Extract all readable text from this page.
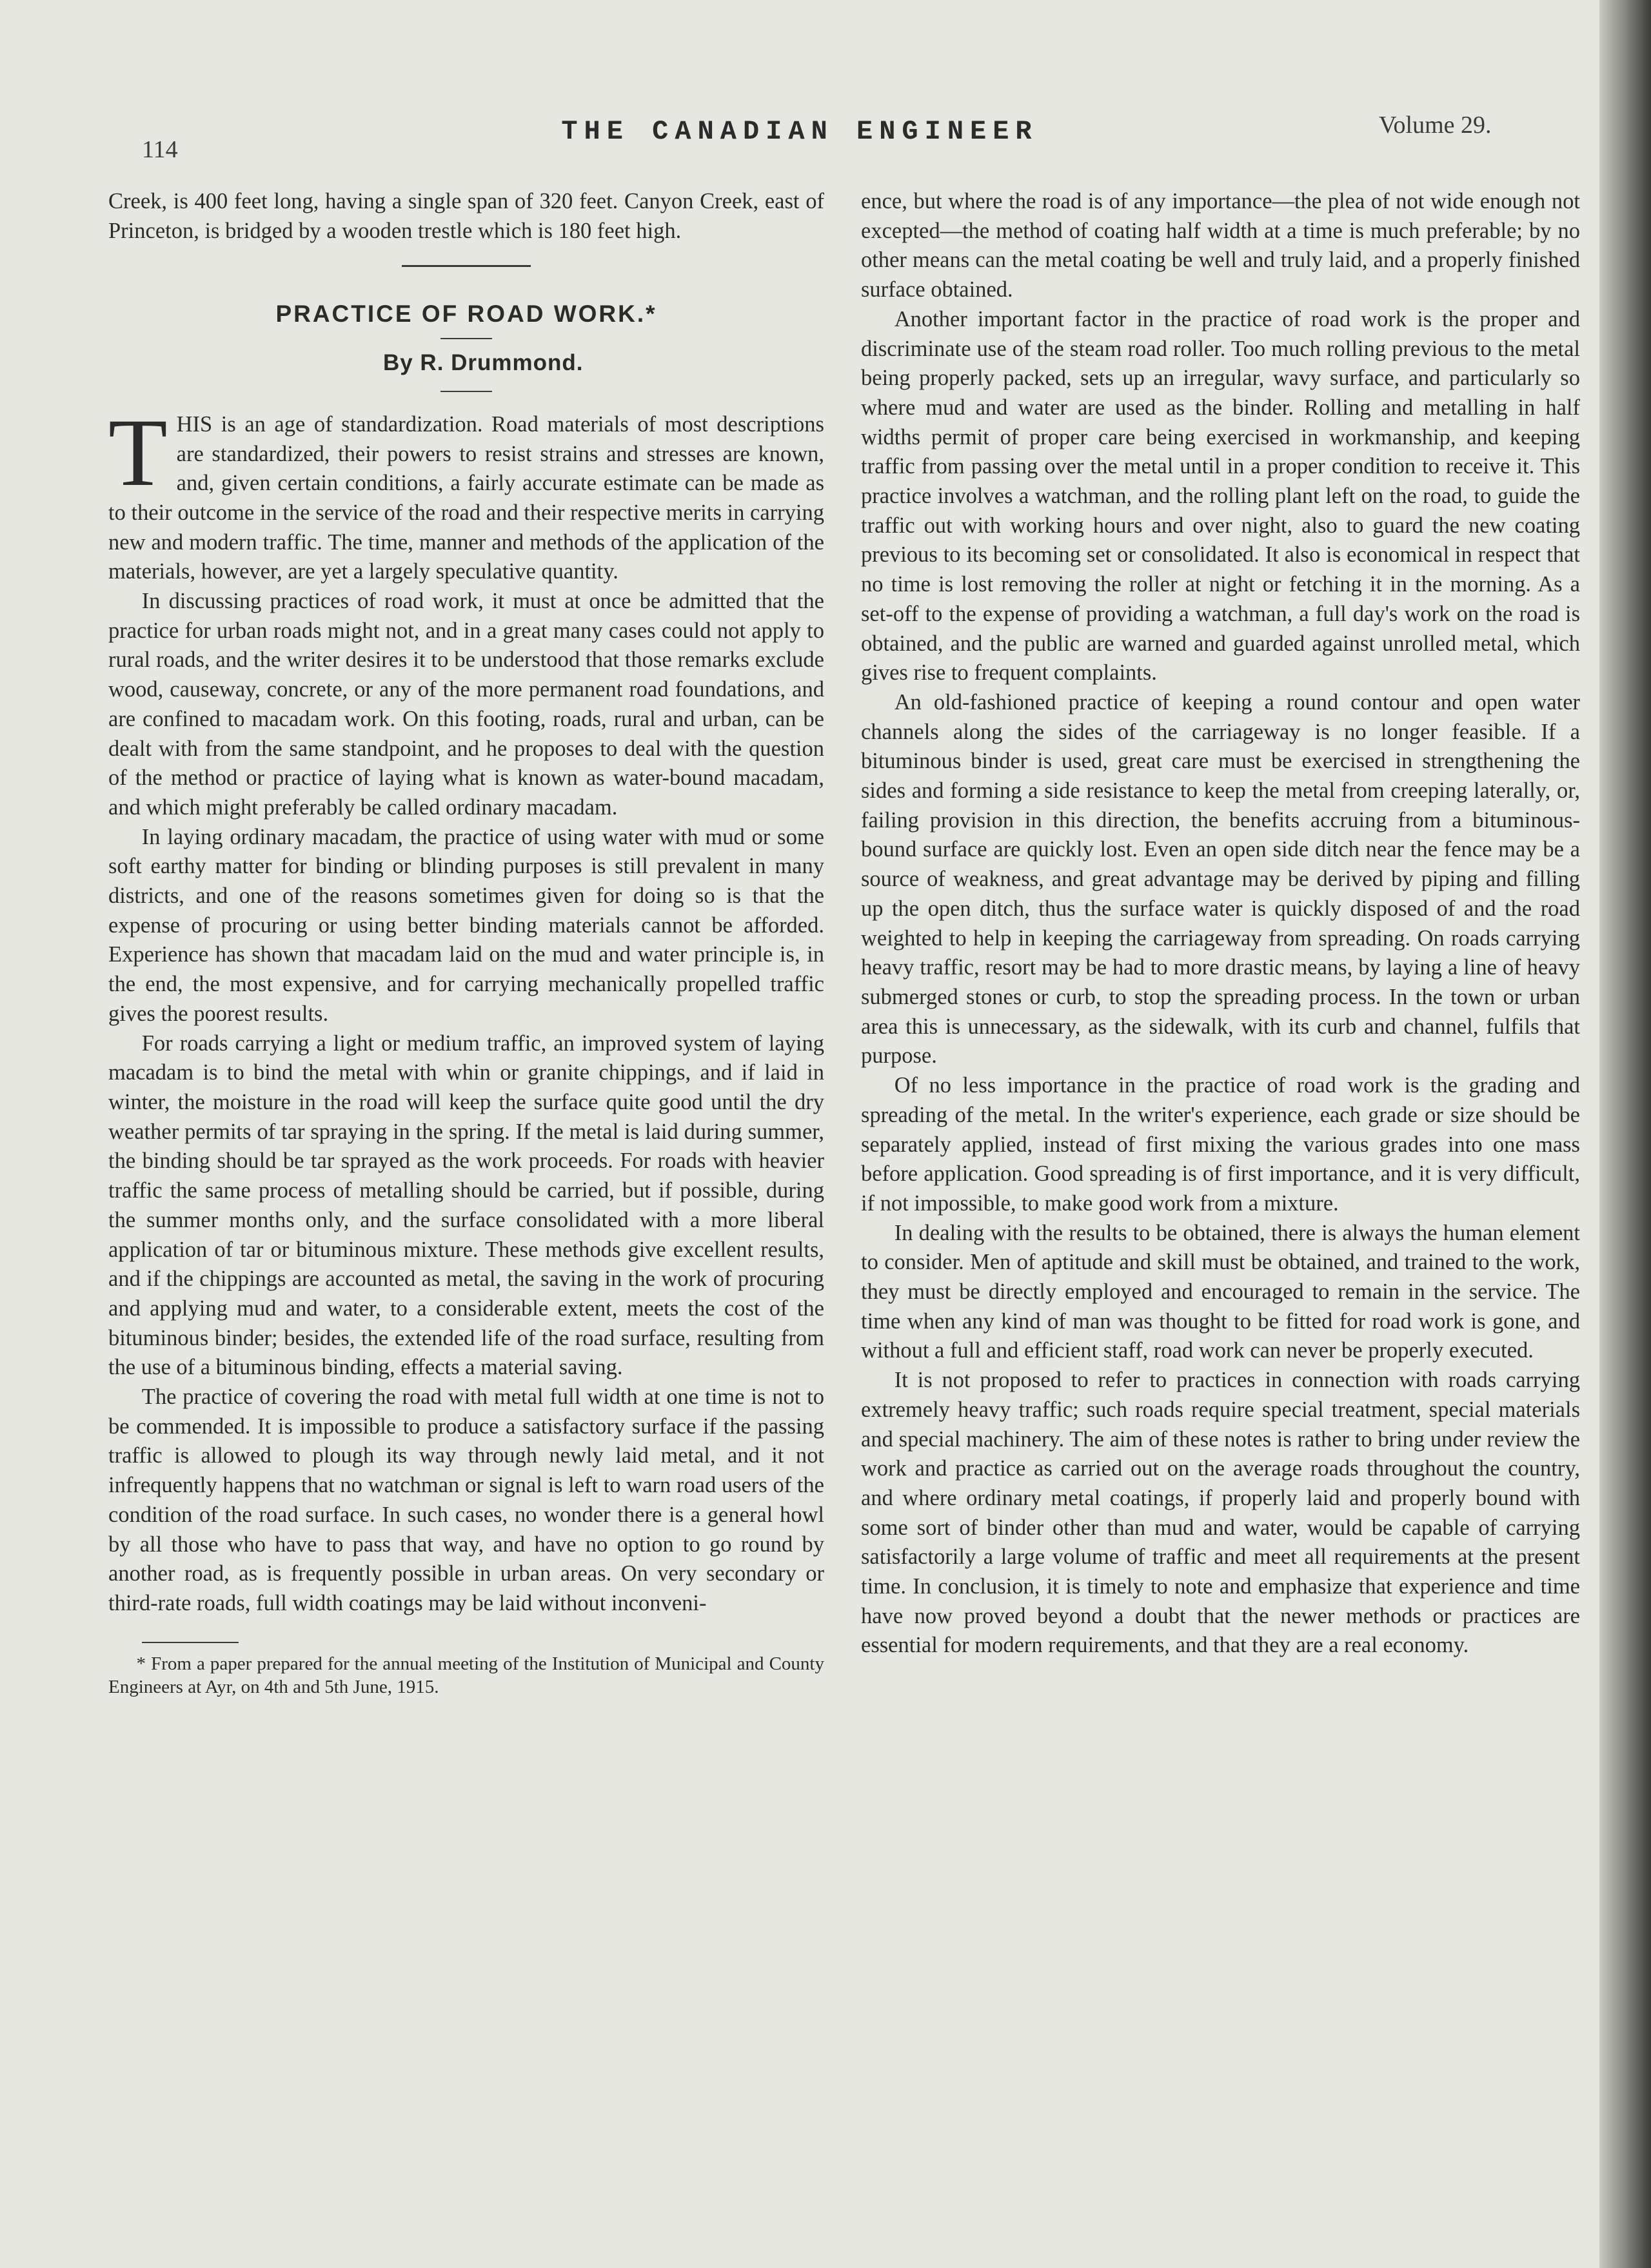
114
THE CANADIAN ENGINEER	Volume 29.

Creek, is 400 feet long, having a single span of 320 feet. Canyon Creek, east of Princeton, is bridged by a wooden trestle which is 180 feet high.

PRACTICE OF ROAD WORK.*

By R. Drummond.

THIS is an age of standardization. Road materials of most descriptions are standardized, their powers to resist strains and stresses are known, and, given certain conditions, a fairly accurate estimate can be made as to their outcome in the service of the road and their respective merits in carrying new and modern traffic. The time, manner and methods of the application of the materials, however, are yet a largely speculative quantity.

In discussing practices of road work, it must at once be admitted that the practice for urban roads might not, and in a great many cases could not apply to rural roads, and the writer desires it to be understood that those remarks exclude wood, causeway, concrete, or any of the more permanent road foundations, and are confined to macadam work. On this footing, roads, rural and urban, can be dealt with from the same standpoint, and he proposes to deal with the question of the method or practice of laying what is known as water-bound macadam, and which might preferably be called ordinary macadam.

In laying ordinary macadam, the practice of using water with mud or some soft earthy matter for binding or blinding purposes is still prevalent in many districts, and one of the reasons sometimes given for doing so is that the expense of procuring or using better binding materials cannot be afforded. Experience has shown that macadam laid on the mud and water principle is, in the end, the most expensive, and for carrying mechanically propelled traffic gives the poorest results.

For roads carrying a light or medium traffic, an improved system of laying macadam is to bind the metal with whin or granite chippings, and if laid in winter, the moisture in the road will keep the surface quite good until the dry weather permits of tar spraying in the spring. If the metal is laid during summer, the binding should be tar sprayed as the work proceeds. For roads with heavier traffic the same process of metalling should be carried, but if possible, during the summer months only, and the surface consolidated with a more liberal application of tar or bituminous mixture. These methods give excellent results, and if the chippings are accounted as metal, the saving in the work of procuring and applying mud and water, to a considerable extent, meets the cost of the bituminous binder; besides, the extended life of the road surface, resulting from the use of a bituminous binding, effects a material saving.

The practice of covering the road with metal full width at one time is not to be commended. It is impossible to produce a satisfactory surface if the passing traffic is allowed to plough its way through newly laid metal, and it not infrequently happens that no watchman or signal is left to warn road users of the condition of the road surface. In such cases, no wonder there is a general howl by all those who have to pass that way, and have no option to go round by another road, as is frequently possible in urban areas. On very secondary or third-rate roads, full width coatings may be laid without inconveni-

* From a paper prepared for the annual meeting of the Institution of Municipal and County Engineers at Ayr, on 4th and 5th June, 1915.

ence, but where the road is of any importance—the plea of not wide enough not excepted—the method of coating half width at a time is much preferable; by no other means can the metal coating be well and truly laid, and a properly finished surface obtained.

Another important factor in the practice of road work is the proper and discriminate use of the steam road roller. Too much rolling previous to the metal being properly packed, sets up an irregular, wavy surface, and particularly so where mud and water are used as the binder. Rolling and metalling in half widths permit of proper care being exercised in workmanship, and keeping traffic from passing over the metal until in a proper condition to receive it. This practice involves a watchman, and the rolling plant left on the road, to guide the traffic out with working hours and over night, also to guard the new coating previous to its becoming set or consolidated. It also is economical in respect that no time is lost removing the roller at night or fetching it in the morning. As a set-off to the expense of providing a watchman, a full day's work on the road is obtained, and the public are warned and guarded against unrolled metal, which gives rise to frequent complaints.

An old-fashioned practice of keeping a round contour and open water channels along the sides of the carriageway is no longer feasible. If a bituminous binder is used, great care must be exercised in strengthening the sides and forming a side resistance to keep the metal from creeping laterally, or, failing provision in this direction, the benefits accruing from a bituminous-bound surface are quickly lost. Even an open side ditch near the fence may be a source of weakness, and great advantage may be derived by piping and filling up the open ditch, thus the surface water is quickly disposed of and the road weighted to help in keeping the carriageway from spreading. On roads carrying heavy traffic, resort may be had to more drastic means, by laying a line of heavy submerged stones or curb, to stop the spreading process. In the town or urban area this is unnecessary, as the sidewalk, with its curb and channel, fulfils that purpose.

Of no less importance in the practice of road work is the grading and spreading of the metal. In the writer's experience, each grade or size should be separately applied, instead of first mixing the various grades into one mass before application. Good spreading is of first importance, and it is very difficult, if not impossible, to make good work from a mixture.

In dealing with the results to be obtained, there is always the human element to consider. Men of aptitude and skill must be obtained, and trained to the work, they must be directly employed and encouraged to remain in the service. The time when any kind of man was thought to be fitted for road work is gone, and without a full and efficient staff, road work can never be properly executed.

It is not proposed to refer to practices in connection with roads carrying extremely heavy traffic; such roads require special treatment, special materials and special machinery. The aim of these notes is rather to bring under review the work and practice as carried out on the average roads throughout the country, and where ordinary metal coatings, if properly laid and properly bound with some sort of binder other than mud and water, would be capable of carrying satisfactorily a large volume of traffic and meet all requirements at the present time. In conclusion, it is timely to note and emphasize that experience and time have now proved beyond a doubt that the newer methods or practices are essential for modern requirements, and that they are a real economy.
